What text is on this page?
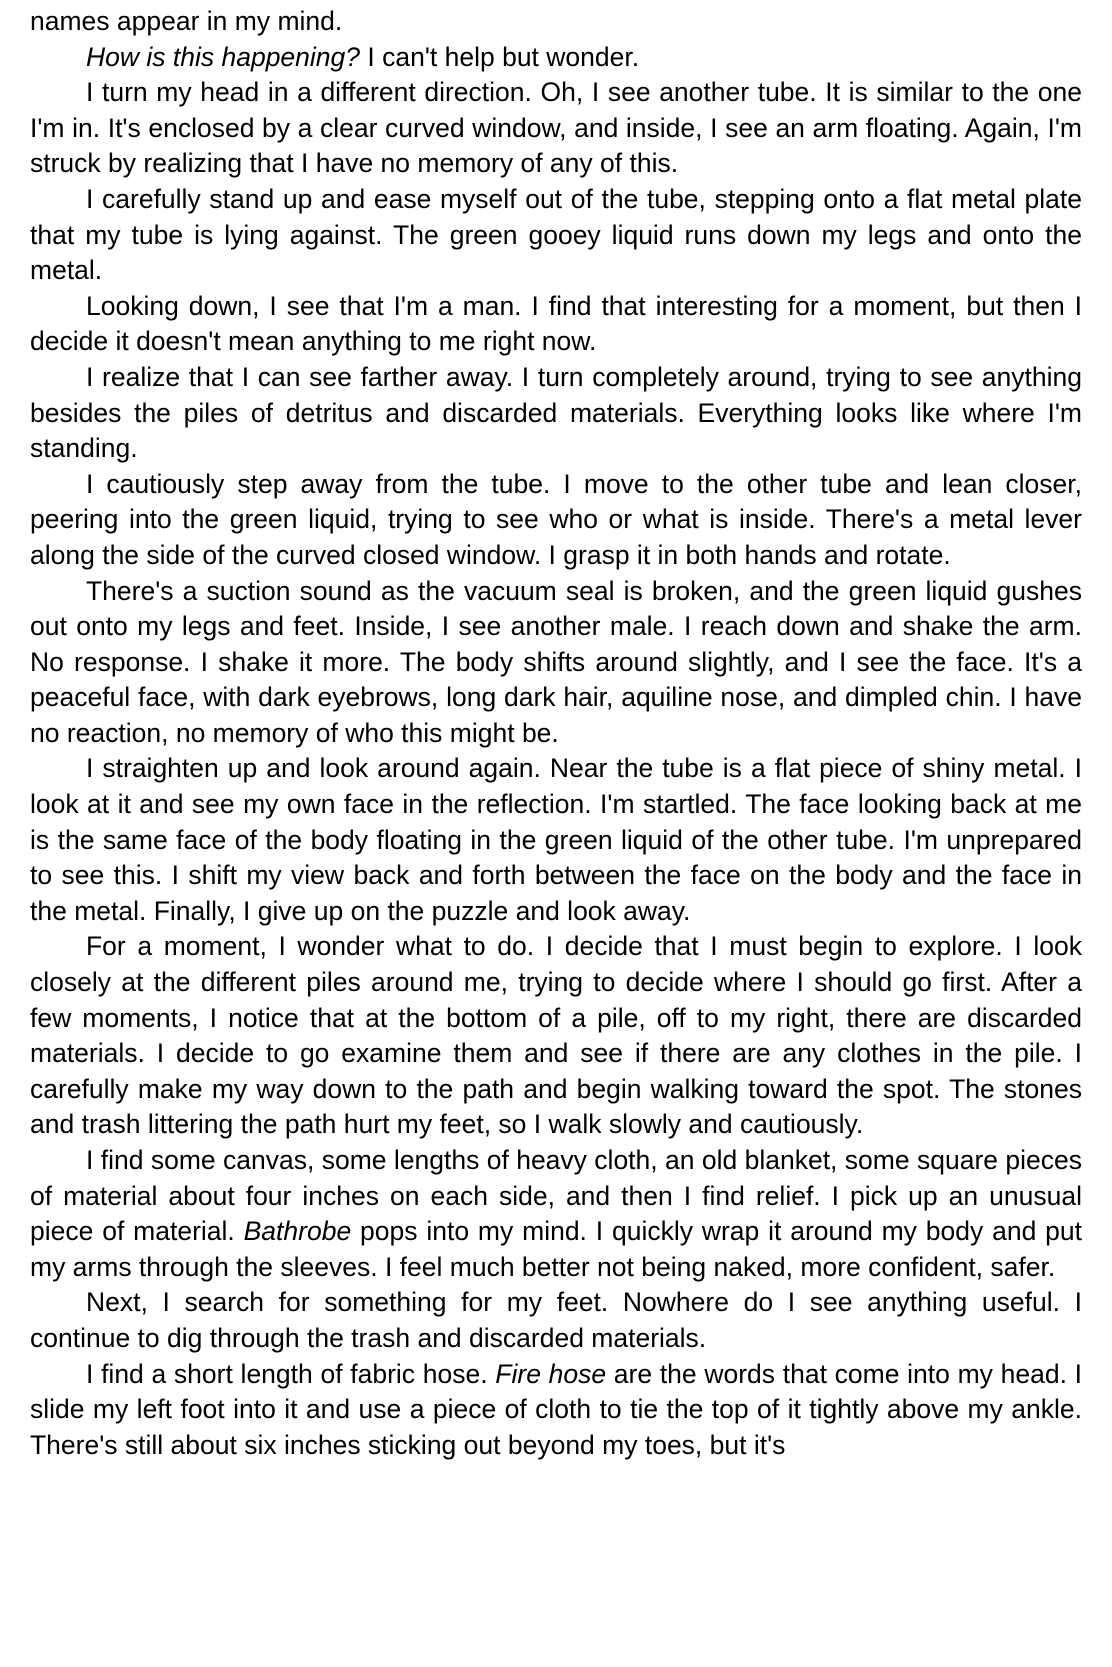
names appear in my mind.

How is this happening? I can't help but wonder.

I turn my head in a different direction. Oh, I see another tube. It is similar to the one I'm in. It's enclosed by a clear curved window, and inside, I see an arm floating. Again, I'm struck by realizing that I have no memory of any of this.

I carefully stand up and ease myself out of the tube, stepping onto a flat metal plate that my tube is lying against. The green gooey liquid runs down my legs and onto the metal.

Looking down, I see that I'm a man. I find that interesting for a moment, but then I decide it doesn't mean anything to me right now.

I realize that I can see farther away. I turn completely around, trying to see anything besides the piles of detritus and discarded materials. Everything looks like where I'm standing.

I cautiously step away from the tube. I move to the other tube and lean closer, peering into the green liquid, trying to see who or what is inside. There's a metal lever along the side of the curved closed window. I grasp it in both hands and rotate.

There's a suction sound as the vacuum seal is broken, and the green liquid gushes out onto my legs and feet. Inside, I see another male. I reach down and shake the arm. No response. I shake it more. The body shifts around slightly, and I see the face. It's a peaceful face, with dark eyebrows, long dark hair, aquiline nose, and dimpled chin. I have no reaction, no memory of who this might be.

I straighten up and look around again. Near the tube is a flat piece of shiny metal. I look at it and see my own face in the reflection. I'm startled. The face looking back at me is the same face of the body floating in the green liquid of the other tube. I'm unprepared to see this. I shift my view back and forth between the face on the body and the face in the metal. Finally, I give up on the puzzle and look away.

For a moment, I wonder what to do. I decide that I must begin to explore. I look closely at the different piles around me, trying to decide where I should go first. After a few moments, I notice that at the bottom of a pile, off to my right, there are discarded materials. I decide to go examine them and see if there are any clothes in the pile. I carefully make my way down to the path and begin walking toward the spot. The stones and trash littering the path hurt my feet, so I walk slowly and cautiously.

I find some canvas, some lengths of heavy cloth, an old blanket, some square pieces of material about four inches on each side, and then I find relief. I pick up an unusual piece of material. Bathrobe pops into my mind. I quickly wrap it around my body and put my arms through the sleeves. I feel much better not being naked, more confident, safer.

Next, I search for something for my feet. Nowhere do I see anything useful. I continue to dig through the trash and discarded materials.

I find a short length of fabric hose. Fire hose are the words that come into my head. I slide my left foot into it and use a piece of cloth to tie the top of it tightly above my ankle. There's still about six inches sticking out beyond my toes, but it's
